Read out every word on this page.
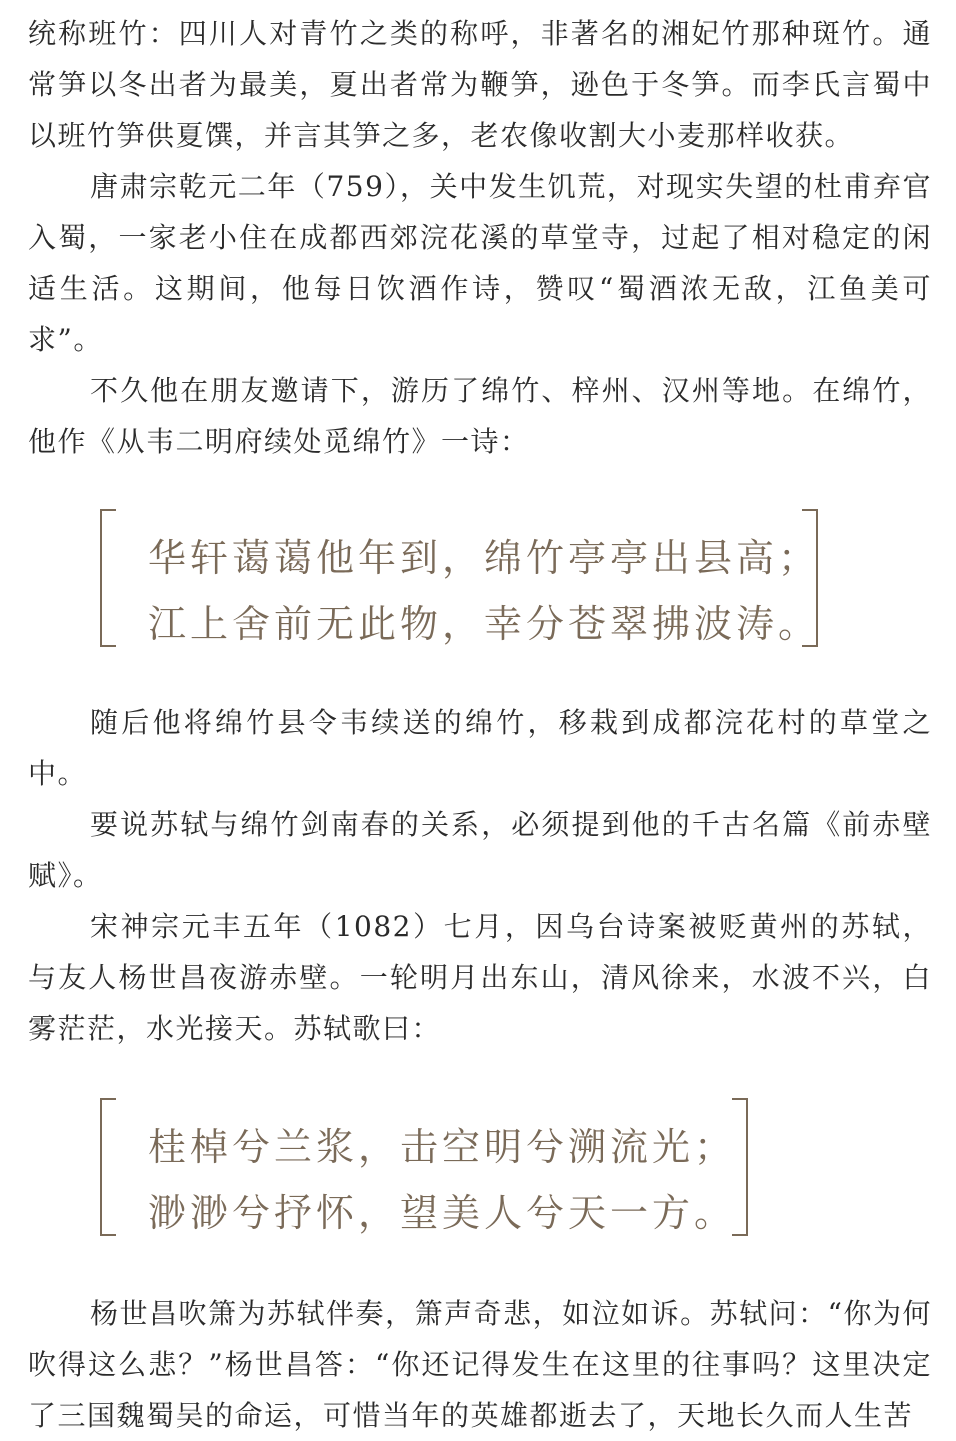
统称班竹：四川人对青竹之类的称呼，非著名的湘妃竹那种斑竹。通常笋以冬出者为最美，夏出者常为鞭笋，逊色于冬笋。而李氏言蜀中以班竹笋供夏馔，并言其笋之多，老农像收割大小麦那样收获。

唐肃宗乾元二年（759），关中发生饥荒，对现实失望的杜甫弃官入蜀，一家老小住在成都西郊浣花溪的草堂寺，过起了相对稳定的闲适生活。这期间，他每日饮酒作诗，赞叹“蜀酒浓无敌，江鱼美可求”。

不久他在朋友邀请下，游历了绵竹、梓州、汉州等地。在绵竹，他作《从韦二明府续处觅绵竹》一诗：

华轩蔼蔼他年到，绵竹亭亭出县高；
江上舍前无此物，幸分苍翠拂波涛。

随后他将绵竹县令韦续送的绵竹，移栽到成都浣花村的草堂之中。

要说苏轼与绵竹剑南春的关系，必须提到他的千古名篇《前赤壁赋》。

宋神宗元丰五年（1082）七月，因乌台诗案被贬黄州的苏轼，与友人杨世昌夜游赤壁。一轮明月出东山，清风徐来，水波不兴，白雾茫茫，水光接天。苏轼歌曰：

桂棹兮兰浆，击空明兮溯流光；
渺渺兮抒怀，望美人兮天一方。

杨世昌吹箫为苏轼伴奏，箫声奇悲，如泣如诉。苏轼问：“你为何吹得这么悲？”杨世昌答：“你还记得发生在这里的往事吗？这里决定了三国魏蜀吴的命运，可惜当年的英雄都逝去了，天地长久而人生苦
